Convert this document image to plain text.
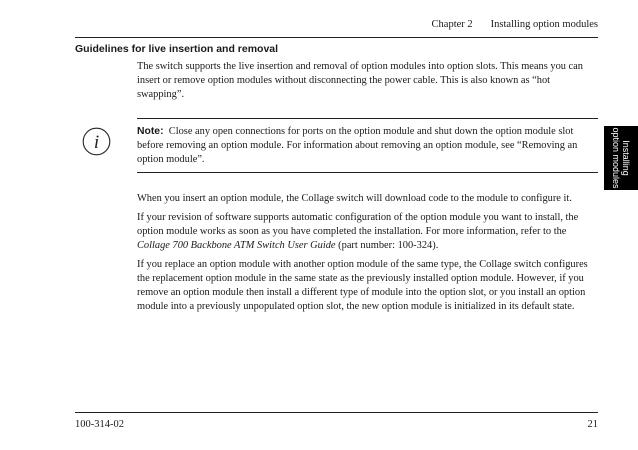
Chapter 2 Installing option modules
Guidelines for live insertion and removal

The switch supports the live insertion and removal of option modules into option slots. This means you can insert or remove option modules without disconnecting the power cable. This is also known as “hot swapping”.

i

Note: Close any open connections for ports on the option module and shut down the option module slot before removing an option module. For information about removing an option module, see “Removing an option module”.

When you insert an option module, the Collage switch will download code to the module to configure it.

If your revision of software supports automatic configuration of the option module you want to install, the option module works as soon as you have completed the installation. For more information, refer to the Collage 700 Backbone ATM Switch User Guide (part number: 100-324).

If you replace an option module with another option module of the same type, the Collage switch configures the replacement option module in the same state as the previously installed option module. However, if you remove an option module then install a different type of module into the option slot, or you install an option module into a previously unpopulated option slot, the new option module is initialized in its default state.

Installing
option modules
100-314-02	21
